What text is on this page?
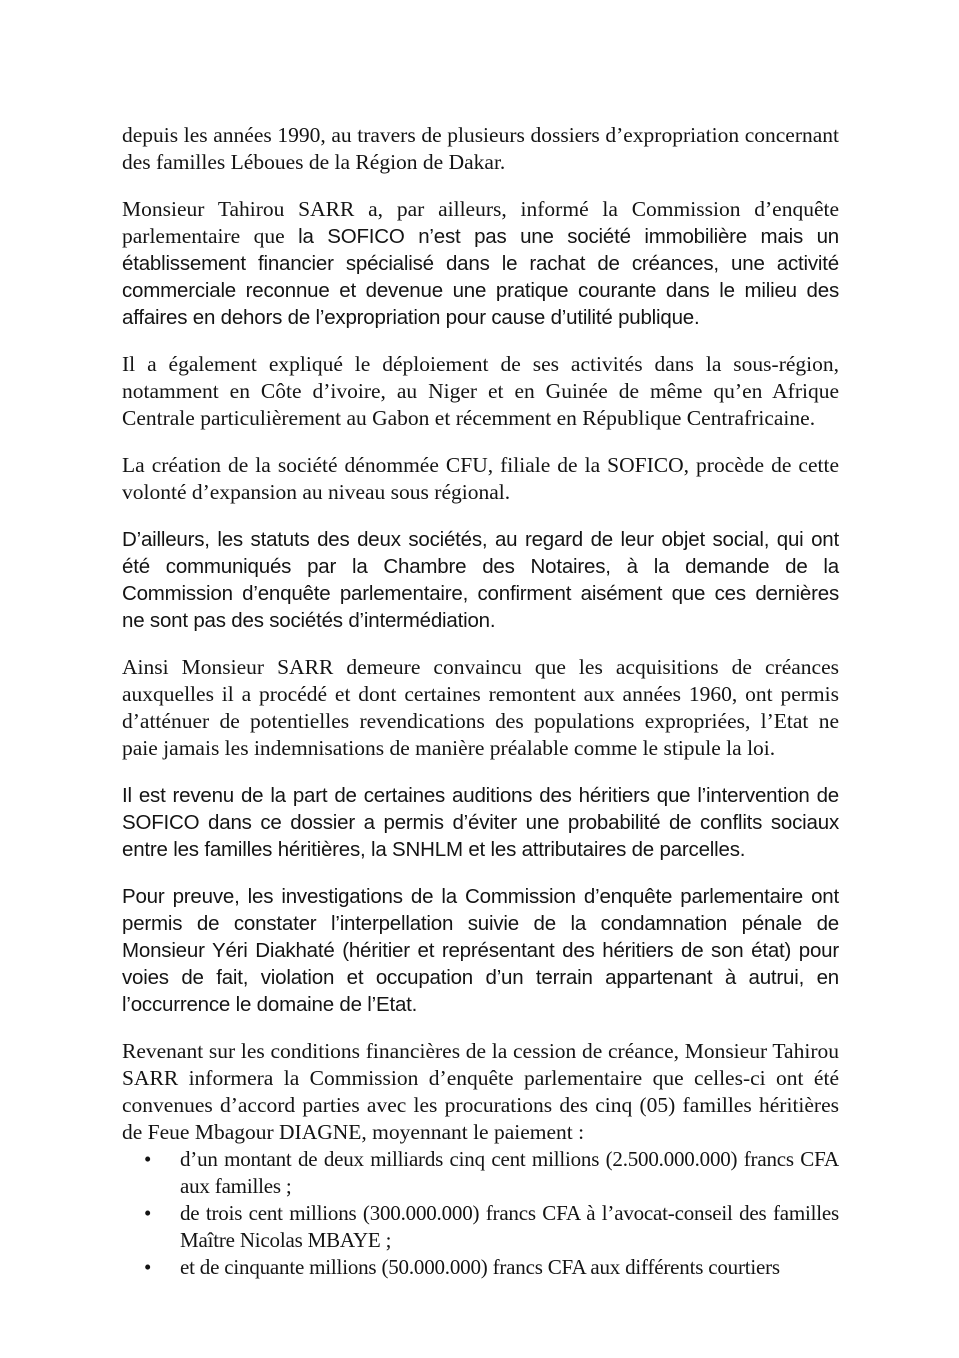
depuis les années 1990, au travers de plusieurs dossiers d’expropriation concernant des familles Léboues de la Région de Dakar.

Monsieur Tahirou SARR a, par ailleurs, informé la Commission d’enquête parlementaire que la SOFICO n’est pas une société immobilière mais un établissement financier spécialisé dans le rachat de créances, une activité commerciale reconnue et devenue une pratique courante dans le milieu des affaires en dehors de l’expropriation pour cause d’utilité publique.

Il a également expliqué le déploiement de ses activités dans la sous-région, notamment en Côte d’ivoire, au Niger et en Guinée de même qu’en Afrique Centrale particulièrement au Gabon et récemment en République Centrafricaine.

La création de la société dénommée CFU, filiale de la SOFICO, procède de cette volonté d’expansion au niveau sous régional.

D’ailleurs, les statuts des deux sociétés, au regard de leur objet social, qui ont été communiqués par la Chambre des Notaires, à la demande de la Commission d’enquête parlementaire, confirment aisément que ces dernières ne sont pas des sociétés d’intermédiation.

Ainsi Monsieur SARR demeure convaincu que les acquisitions de créances auxquelles il a procédé et dont certaines remontent aux années 1960, ont permis d’atténuer de potentielles revendications des populations expropriées, l’Etat ne paie jamais les indemnisations de manière préalable comme le stipule la loi.

Il est revenu de la part de certaines auditions des héritiers que l’intervention de SOFICO dans ce dossier a permis d’éviter une probabilité de conflits sociaux entre les familles héritières, la SNHLM et les attributaires de parcelles.

Pour preuve, les investigations de la Commission d’enquête parlementaire ont permis de constater l’interpellation suivie de la condamnation pénale de Monsieur Yéri Diakhaté (héritier et représentant des héritiers de son état) pour voies de fait, violation et occupation d’un terrain appartenant à autrui, en l’occurrence le domaine de l’Etat.

Revenant sur les conditions financières de la cession de créance, Monsieur Tahirou SARR informera la Commission d’enquête parlementaire que celles-ci ont été convenues d’accord parties avec les procurations des cinq (05) familles héritières de Feue Mbagour DIAGNE, moyennant le paiement :

• d’un montant de deux milliards cinq cent millions (2.500.000.000) francs CFA aux familles ;
• de trois cent millions (300.000.000) francs CFA à l’avocat-conseil des familles Maître Nicolas MBAYE ;
• et de cinquante millions (50.000.000) francs CFA aux différents courtiers
